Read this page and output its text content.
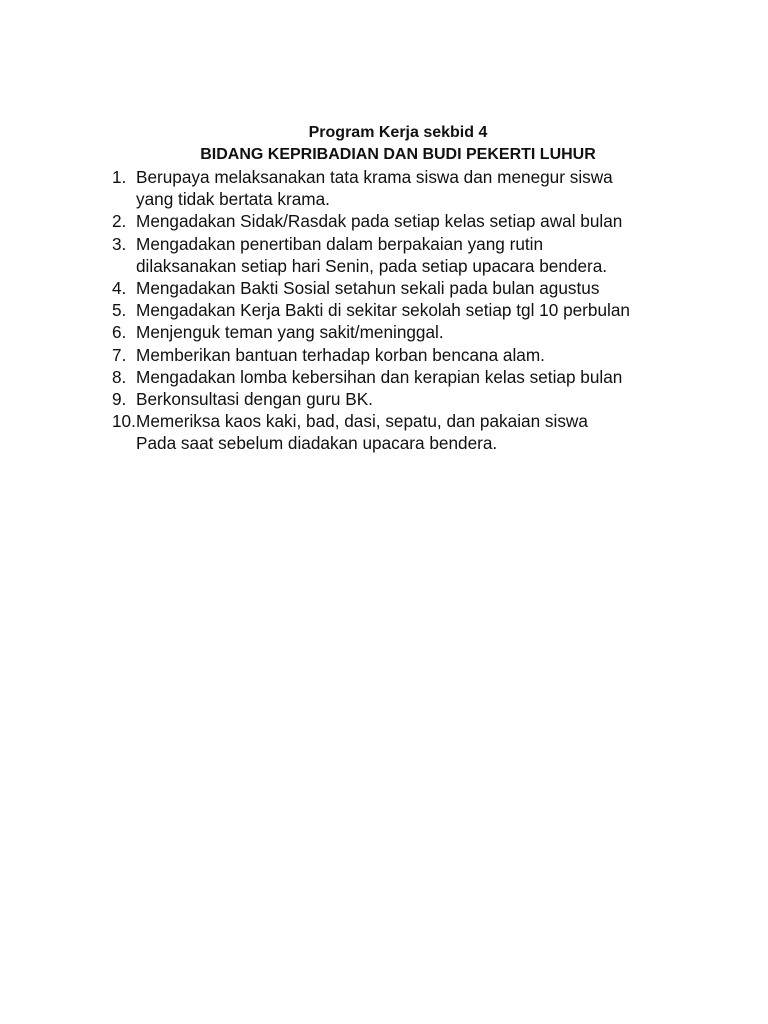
Program Kerja sekbid 4
BIDANG KEPRIBADIAN DAN BUDI PEKERTI LUHUR
1. Berupaya melaksanakan tata krama siswa dan menegur siswa
yang tidak bertata krama.
2. Mengadakan Sidak/Rasdak pada setiap kelas setiap awal bulan
3. Mengadakan penertiban dalam berpakaian yang rutin
dilaksanakan setiap hari Senin, pada setiap upacara bendera.
4. Mengadakan Bakti Sosial setahun sekali pada bulan agustus
5. Mengadakan Kerja Bakti di sekitar sekolah setiap tgl 10 perbulan
6. Menjenguk teman yang sakit/meninggal.
7. Memberikan bantuan terhadap korban bencana alam.
8. Mengadakan lomba kebersihan dan kerapian kelas setiap bulan
9. Berkonsultasi dengan guru BK.
10. Memeriksa kaos kaki, bad, dasi, sepatu, dan pakaian siswa
Pada saat sebelum diadakan upacara bendera.
